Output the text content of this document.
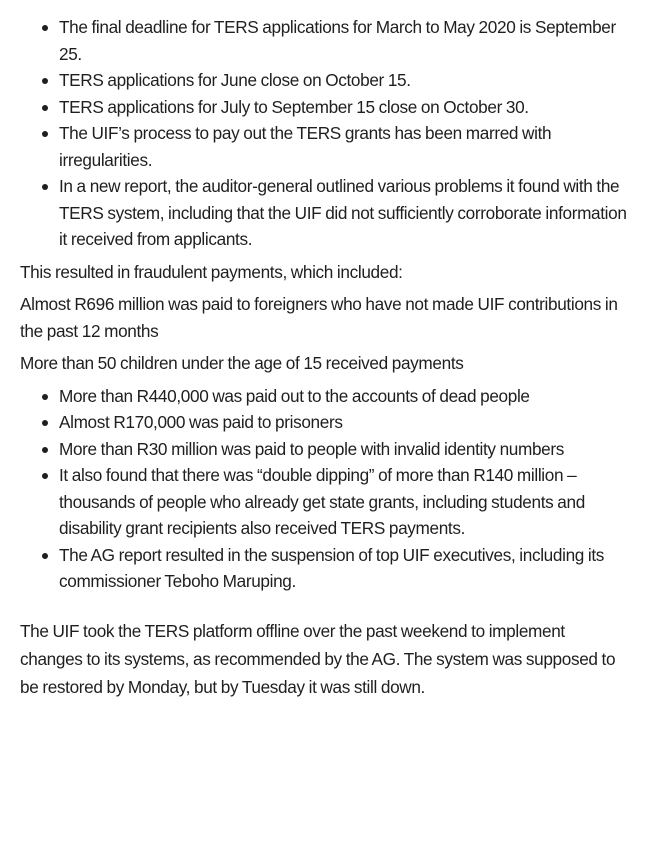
The final deadline for TERS applications for March to May 2020 is September 25.
TERS applications for June close on October 15.
TERS applications for July to September 15 close on October 30.
The UIF’s process to pay out the TERS grants has been marred with irregularities.
In a new report, the auditor-general outlined various problems it found with the TERS system, including that the UIF did not sufficiently corroborate information it received from applicants.

This resulted in fraudulent payments, which included:

Almost R696 million was paid to foreigners who have not made UIF contributions in the past 12 months

More than 50 children under the age of 15 received payments

More than R440,000 was paid out to the accounts of dead people
Almost R170,000 was paid to prisoners
More than R30 million was paid to people with invalid identity numbers
It also found that there was “double dipping” of more than R140 million – thousands of people who already get state grants, including students and disability grant recipients also received TERS payments.
The AG report resulted in the suspension of top UIF executives, including its commissioner Teboho Maruping.

The UIF took the TERS platform offline over the past weekend to implement changes to its systems, as recommended by the AG. The system was supposed to be restored by Monday, but by Tuesday it was still down.
